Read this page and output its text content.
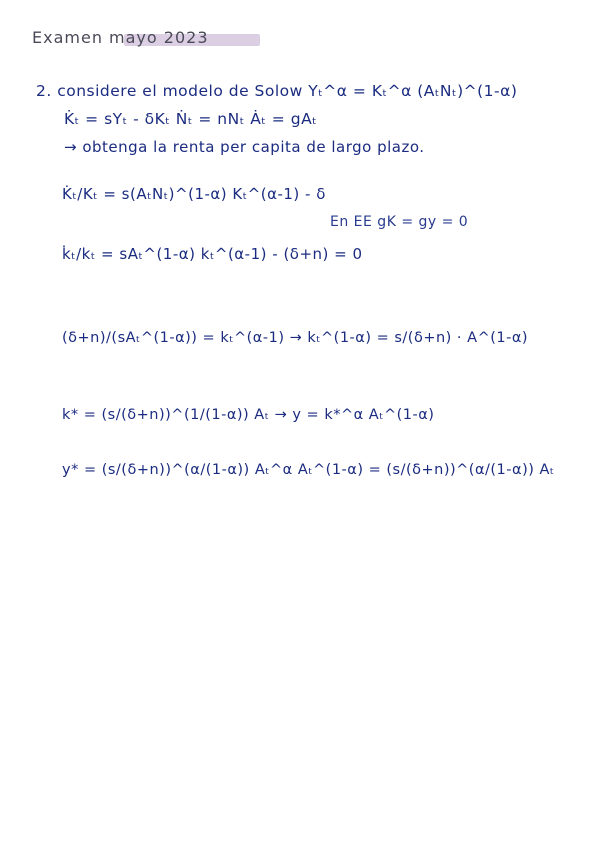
Examen mayo 2023
2. considere el modelo de Solow Yₜ^α = Kₜ^α (AₜNₜ)^(1-α)
K̇ₜ = sYₜ - δKₜ Ṅₜ = nNₜ Ȧₜ = gAₜ
→ obtenga la renta per capita de largo plazo.
K̇ₜ/Kₜ = s(AₜNₜ)^(1-α) Kₜ^(α-1) - δ
En EE gK = gy = 0
k̇ₜ/kₜ = sAₜ^(1-α) kₜ^(α-1) - (δ+n) = 0
(δ+n)/(sAₜ^(1-α)) = kₜ^(α-1) → kₜ^(1-α) = s/(δ+n) · A^(1-α)
k* = (s/(δ+n))^(1/(1-α)) Aₜ → y = k*^α Aₜ^(1-α)
y* = (s/(δ+n))^(α/(1-α)) Aₜ^α Aₜ^(1-α) = (s/(δ+n))^(α/(1-α)) Aₜ
